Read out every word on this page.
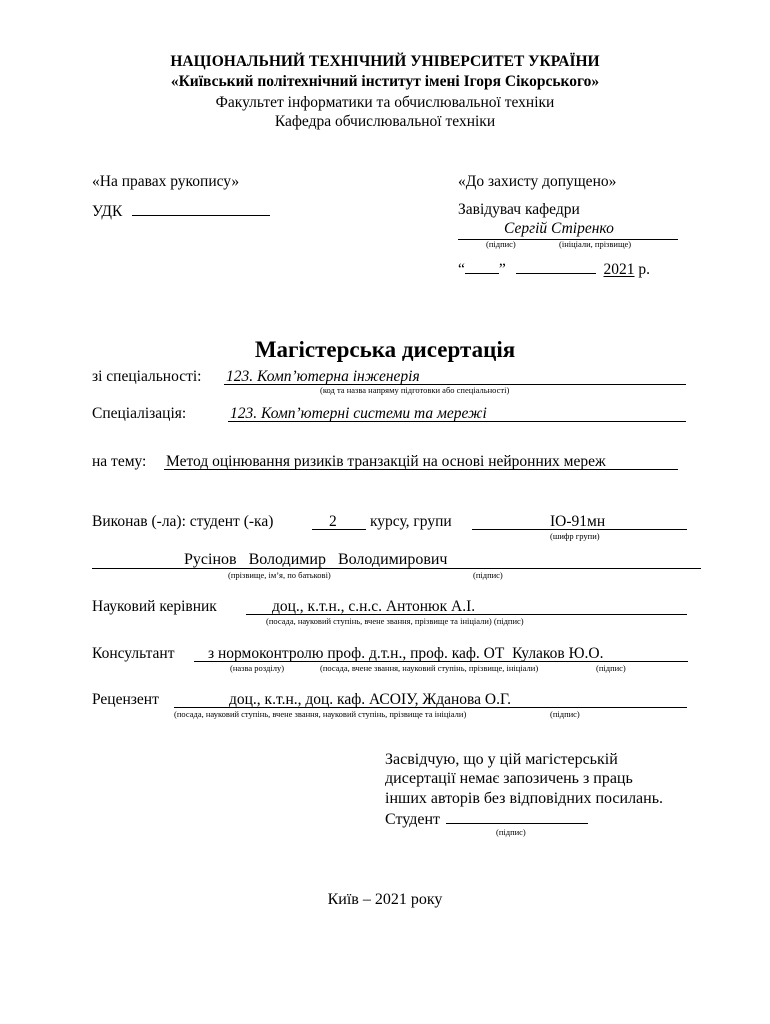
НАЦІОНАЛЬНИЙ ТЕХНІЧНИЙ УНІВЕРСИТЕТ УКРАЇНИ
«Київський політехнічний інститут імені Ігоря Сікорського»
Факультет інформатики та обчислювальної техніки
Кафедра обчислювальної техніки
«На правах рукопису»
УДК
«До захисту допущено»
Завідувач кафедри
Сергій Стіренко
(підпис)	(ініціали, прізвище)
“ ”	2021 р.
Магістерська дисертація
зі спеціальності: 123. Комп’ютерна інженерія
(код та назва напряму підготовки або спеціальності)
Спеціалізація:	123. Комп’ютерні системи та мережі
на тему: Метод оцінювання ризиків транзакцій на основі нейронних мереж
Виконав (-ла): студент (-ка)	2 курсу, групи	ІО-91мн
(шифр групи)
Русінов   Володимир   Володимирович
(прізвище, ім’я, по батькові)	(підпис)
Науковий керівник	доц., к.т.н., с.н.с. Антонюк А.І.
(посада, науковий ступінь, вчене звання, прізвище та ініціали) (підпис)
Консультант з нормоконтролю проф. д.т.н., проф. каф. ОТ  Кулаков Ю.О.
(назва розділу)	(посада, вчене звання, науковий ступінь, прізвище, ініціали)	(підпис)
Рецензент	доц., к.т.н., доц. каф. АСОІУ, Жданова О.Г.
(посада, науковий ступінь, вчене звання, науковий ступінь, прізвище та ініціали)	(підпис)
Засвідчую, що у цій магістерській
дисертації немає запозичень з праць
інших авторів без відповідних посилань.
Студент
(підпис)
Київ – 2021 року
